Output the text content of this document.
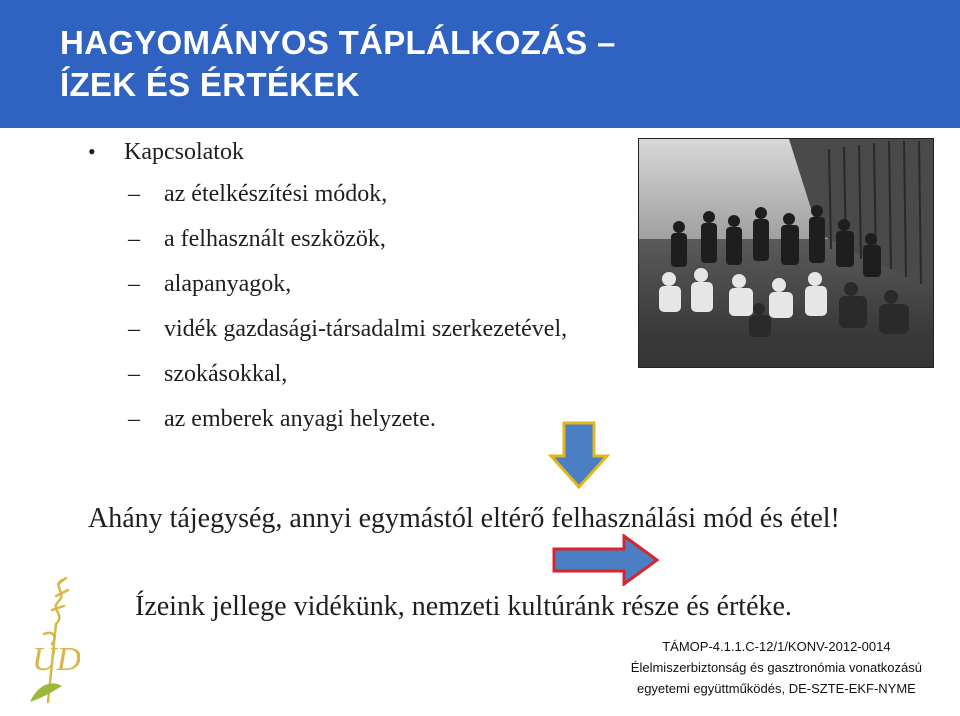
HAGYOMÁNYOS TÁPLÁLKOZÁS –
ÍZEK ÉS ÉRTÉKEK
• Kapcsolatok
– az ételkészítési módok,
– a felhasznált eszközök,
– alapanyagok,
– vidék gazdasági-társadalmi szerkezetével,
– szokásokkal,
– az emberek anyagi helyzete.
Ahány tájegység, annyi egymástól eltérő felhasználási mód és étel!
Ízeink jellege vidékünk, nemzeti kultúránk része és értéke.
UD	TÁMOP-4.1.1.C-12/1/KONV-2012-0014
Élelmiszerbiztonság és gasztronómia vonatkozású
egyetemi együttműködés, DE-SZTE-EKF-NYME
